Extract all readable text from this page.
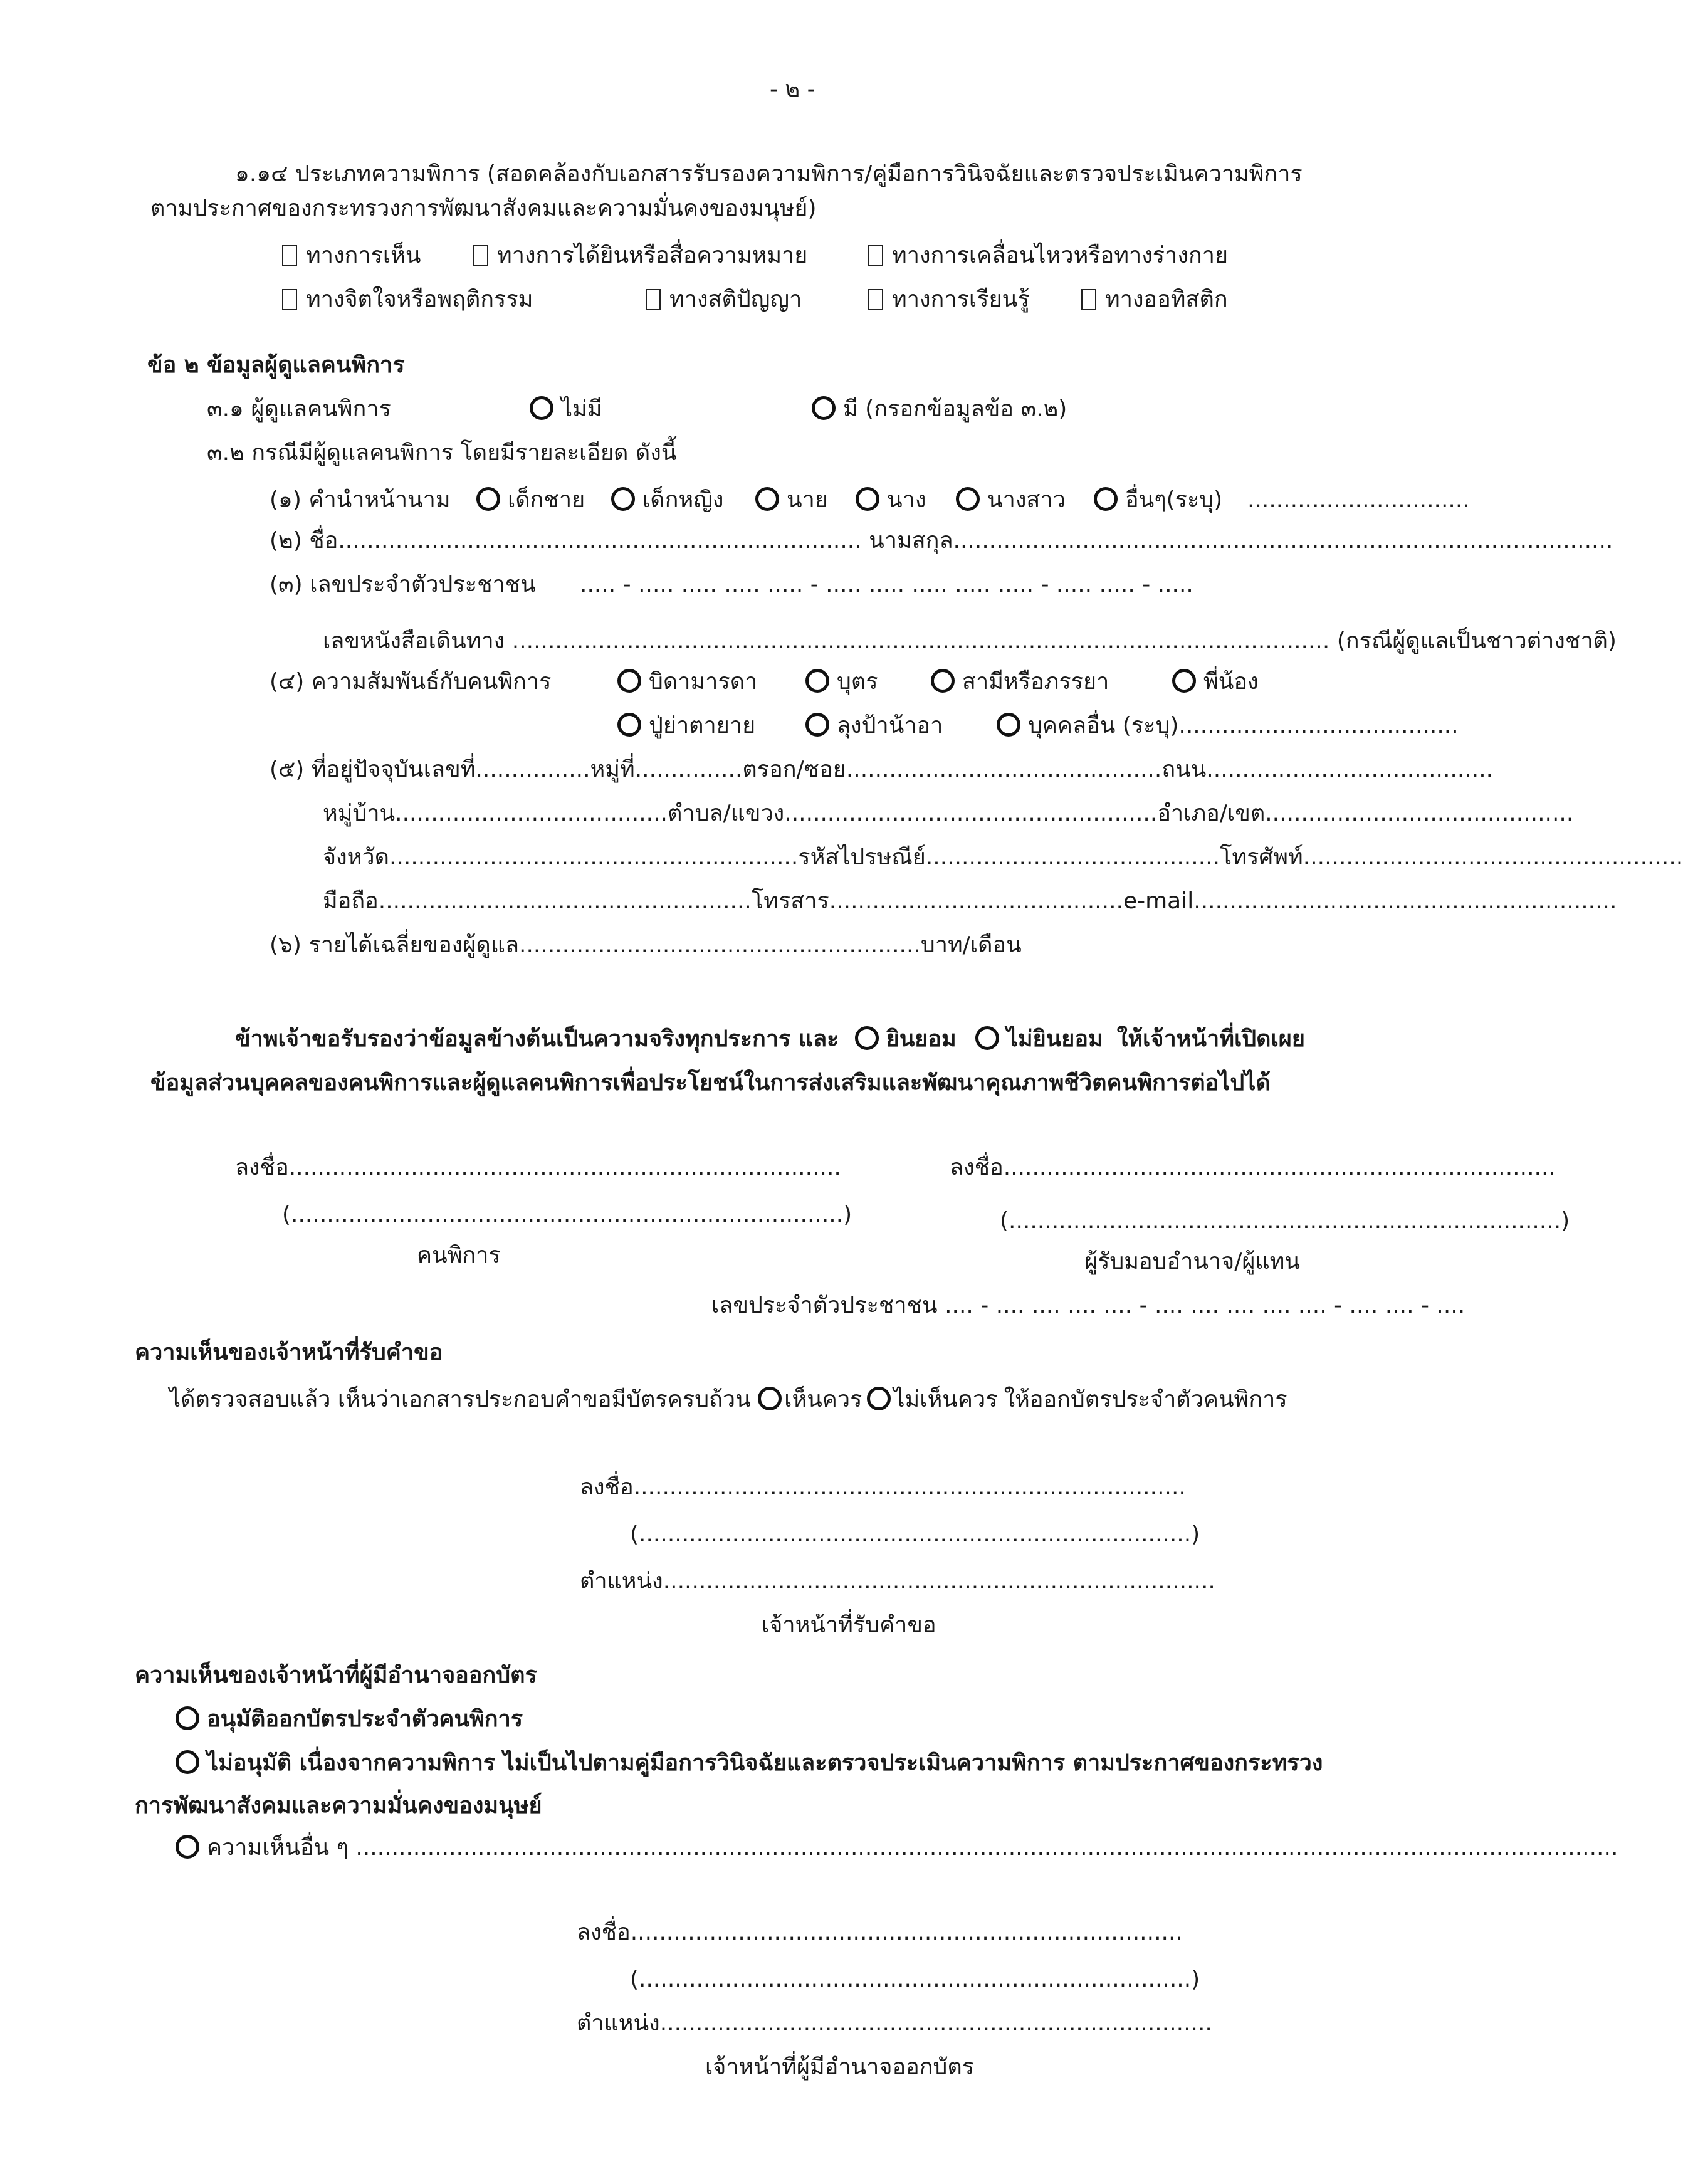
- ๒ -
๑.๑๔ ประเภทความพิการ (สอดคล้องกับเอกสารรับรองความพิการ/คู่มือการวินิจฉัยและตรวจประเมินความพิการ
ตามประกาศของกระทรวงการพัฒนาสังคมและความมั่นคงของมนุษย์)
ทางการเห็น	ทางการได้ยินหรือสื่อความหมาย	ทางการเคลื่อนไหวหรือทางร่างกาย
ทางจิตใจหรือพฤติกรรม	ทางสติปัญญา	ทางการเรียนรู้	ทางออทิสติก
ข้อ ๒ ข้อมูลผู้ดูแลคนพิการ
๓.๑ ผู้ดูแลคนพิการ	ไม่มี	มี (กรอกข้อมูลข้อ ๓.๒)
๓.๒ กรณีมีผู้ดูแลคนพิการ โดยมีรายละเอียด ดังนี้
(๑) คำนำหน้านาม	เด็กชาย	เด็กหญิง	นาย	นาง	นางสาว	อื่นๆ(ระบุ) ...............................
(๒) ชื่อ......................................................................... นามสกุล............................................................................................
(๓) เลขประจำตัวประชาชน ..... - ..... ..... ..... ..... - ..... ..... ..... ..... ..... - ..... ..... - .....
เลขหนังสือเดินทาง .................................................................................................................. (กรณีผู้ดูแลเป็นชาวต่างชาติ)
(๔) ความสัมพันธ์กับคนพิการ	บิดามารดา	บุตร	สามีหรือภรรยา	พี่น้อง
ปู่ย่าตายาย	ลุงป้าน้าอา	บุคคลอื่น (ระบุ).......................................
(๕) ที่อยู่ปัจจุบันเลขที่................หมู่ที่...............ตรอก/ซอย............................................ถนน........................................
หมู่บ้าน......................................ตำบล/แขวง....................................................อำเภอ/เขต...........................................
จังหวัด.........................................................รหัสไปรษณีย์.........................................โทรศัพท์.....................................................
มือถือ....................................................โทรสาร.........................................e-mail...........................................................
(๖) รายได้เฉลี่ยของผู้ดูแล........................................................บาท/เดือน
ข้าพเจ้าขอรับรองว่าข้อมูลข้างต้นเป็นความจริงทุกประการ และ ยินยอม ไม่ยินยอม ให้เจ้าหน้าที่เปิดเผย
ข้อมูลส่วนบุคคลของคนพิการและผู้ดูแลคนพิการเพื่อประโยชน์ในการส่งเสริมและพัฒนาคุณภาพชีวิตคนพิการต่อไปได้
ลงชื่อ.............................................................................	ลงชื่อ.............................................................................
(.............................................................................)	(.............................................................................)
คนพิการ	ผู้รับมอบอำนาจ/ผู้แทน
เลขประจำตัวประชาชน .... - .... .... .... .... - .... .... .... .... .... - .... .... - ....
ความเห็นของเจ้าหน้าที่รับคำขอ
ได้ตรวจสอบแล้ว เห็นว่าเอกสารประกอบคำขอมีบัตรครบถ้วน เห็นควร ไม่เห็นควร ให้ออกบัตรประจำตัวคนพิการ
ลงชื่อ.............................................................................
(.............................................................................)
ตำแหน่ง.............................................................................
เจ้าหน้าที่รับคำขอ
ความเห็นของเจ้าหน้าที่ผู้มีอำนาจออกบัตร
อนุมัติออกบัตรประจำตัวคนพิการ
ไม่อนุมัติ เนื่องจากความพิการ ไม่เป็นไปตามคู่มือการวินิจฉัยและตรวจประเมินความพิการ ตามประกาศของกระทรวง
การพัฒนาสังคมและความมั่นคงของมนุษย์
ความเห็นอื่น ๆ ................................................................................................................................................................................
ลงชื่อ.............................................................................
(.............................................................................)
ตำแหน่ง.............................................................................
เจ้าหน้าที่ผู้มีอำนาจออกบัตร
